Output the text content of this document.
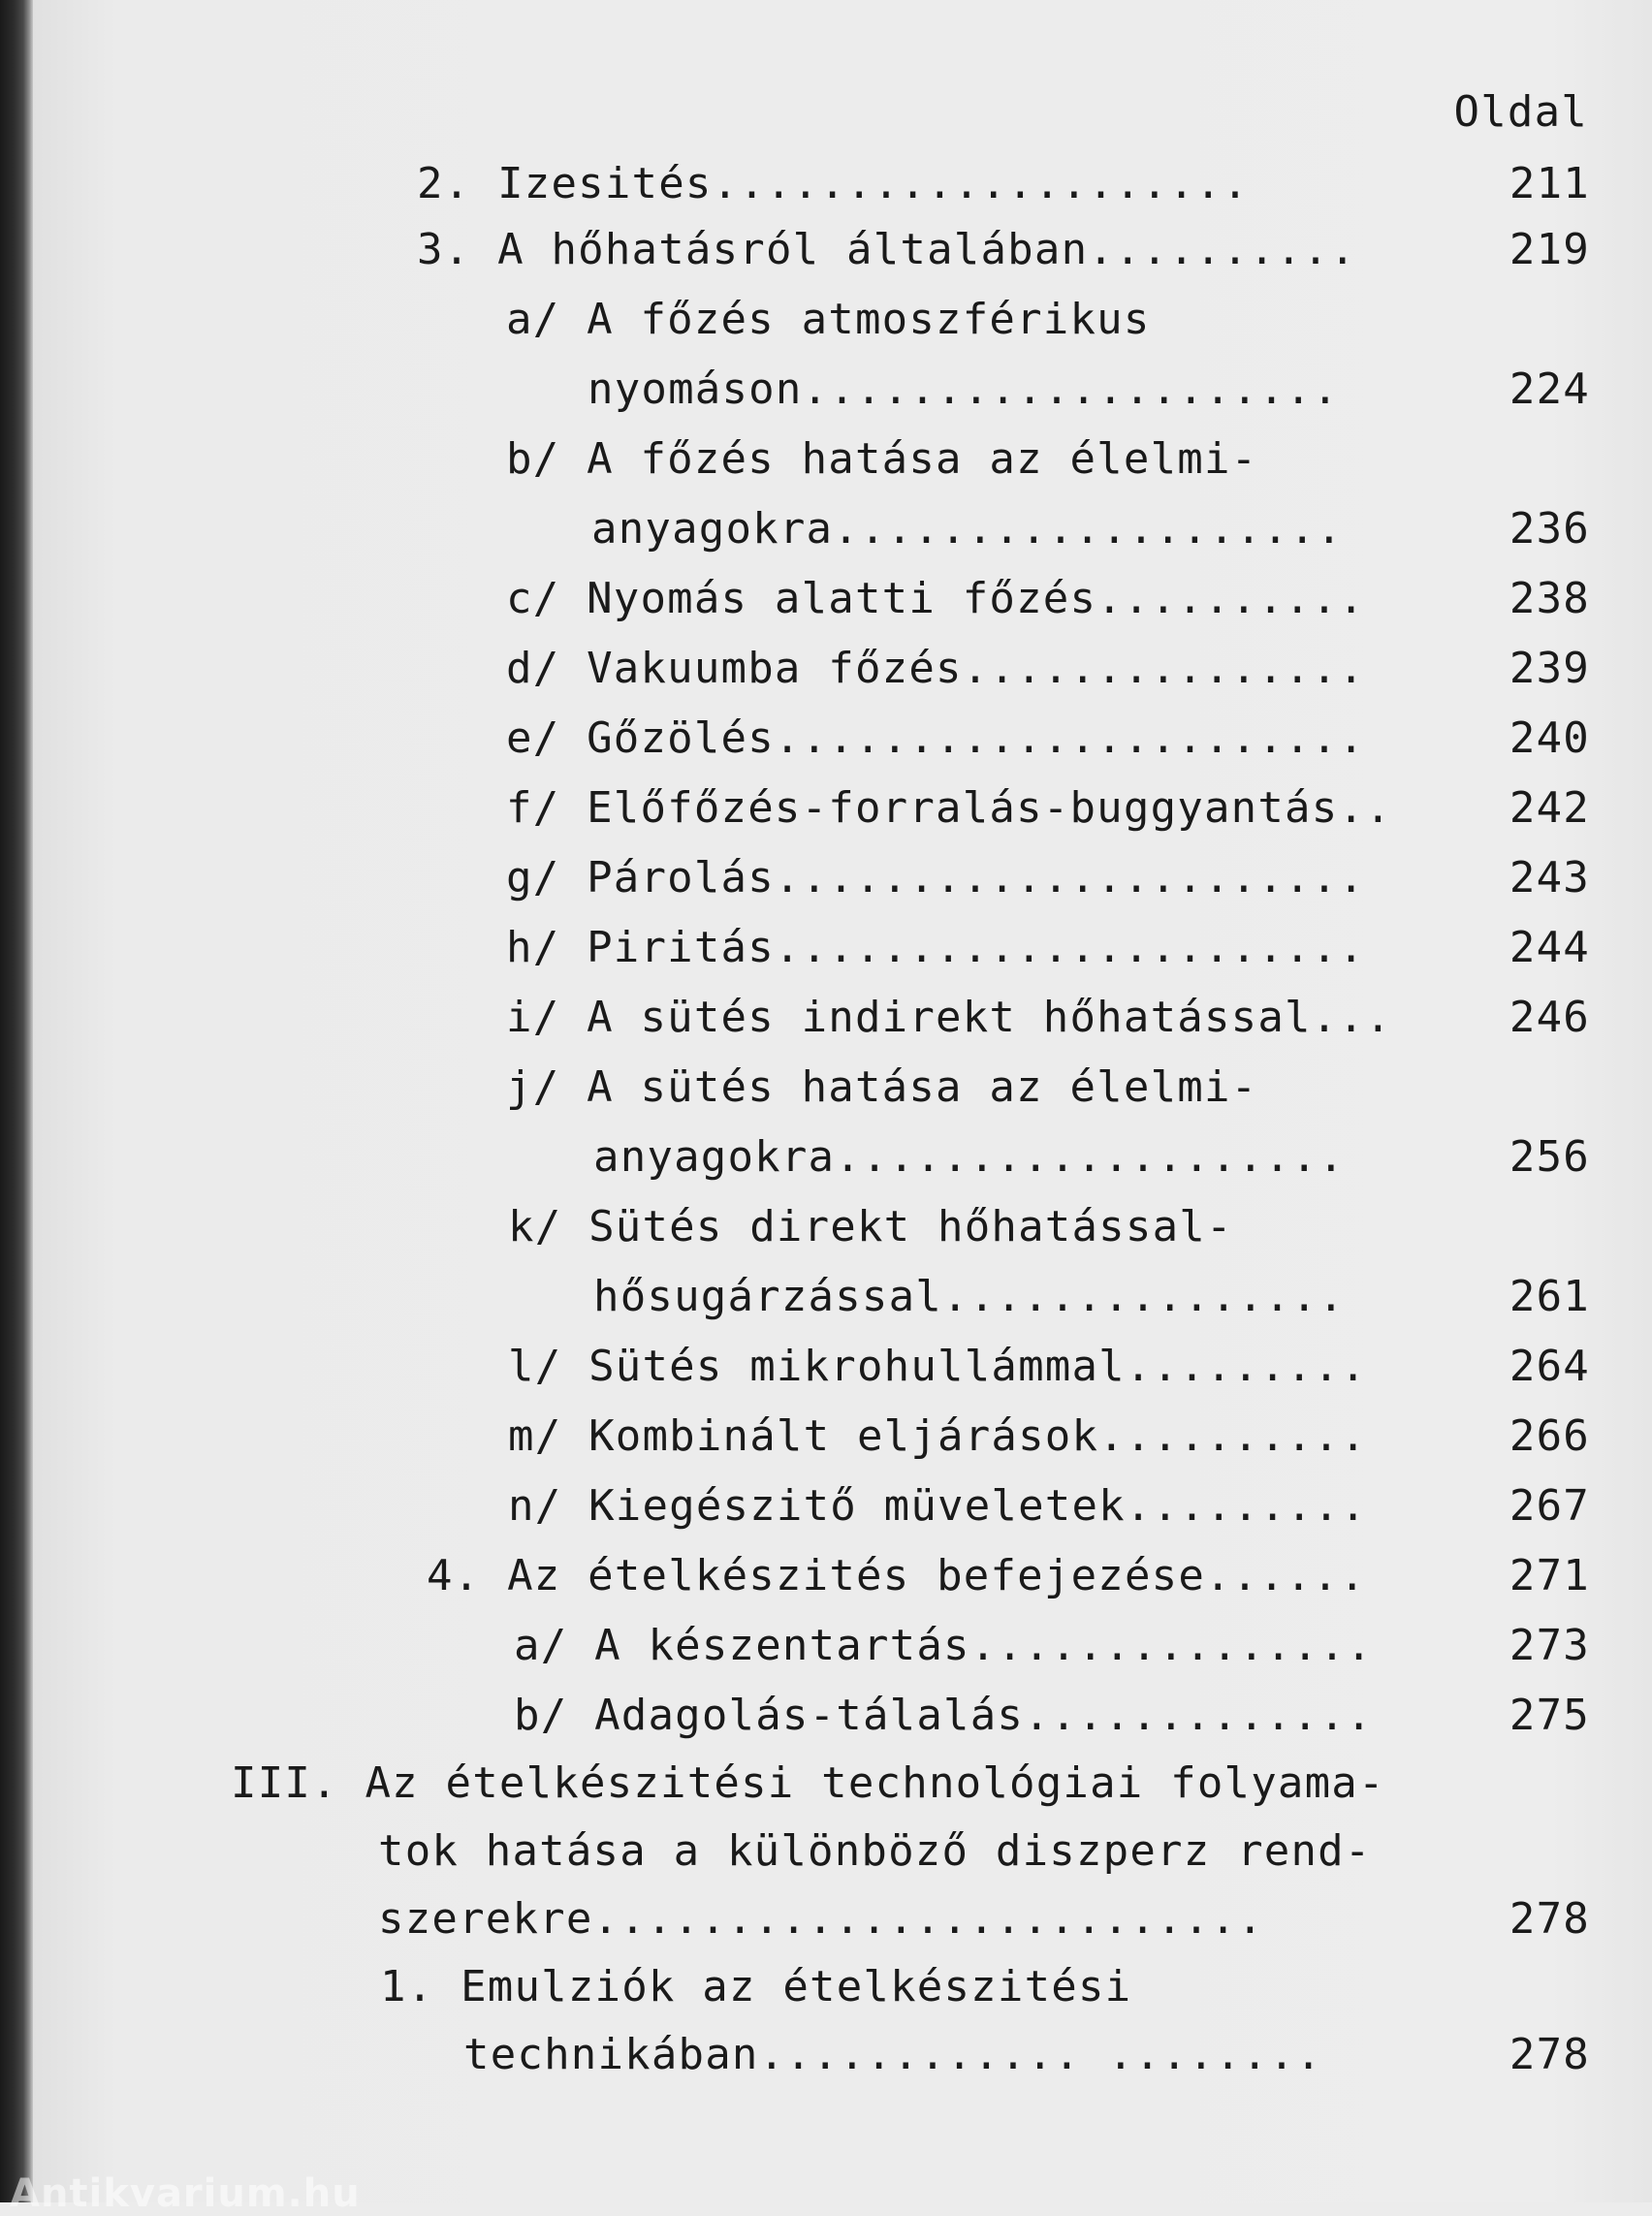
Oldal
2. Izesités....................	211
3. A hőhatásról általában..........	219
a/ A főzés atmoszférikus
nyomáson....................	224
b/ A főzés hatása az élelmi-
anyagokra...................	236
c/ Nyomás alatti főzés..........	238
d/ Vakuumba főzés...............	239
e/ Gőzölés......................	240
f/ Előfőzés-forralás-buggyantás..	242
g/ Párolás......................	243
h/ Piritás......................	244
i/ A sütés indirekt hőhatással...	246
j/ A sütés hatása az élelmi-
anyagokra...................	256
k/ Sütés direkt hőhatással-
hősugárzással...............	261
l/ Sütés mikrohullámmal.........	264
m/ Kombinált eljárások..........	266
n/ Kiegészitő müveletek.........	267
4. Az ételkészités befejezése......	271
a/ A készentartás...............	273
b/ Adagolás-tálalás.............	275
III. Az ételkészitési technológiai folyama-
tok hatása a különböző diszperz rend-
szerekre.........................	278
1. Emulziók az ételkészitési
technikában............ ........	278
Antikvarium.hu
